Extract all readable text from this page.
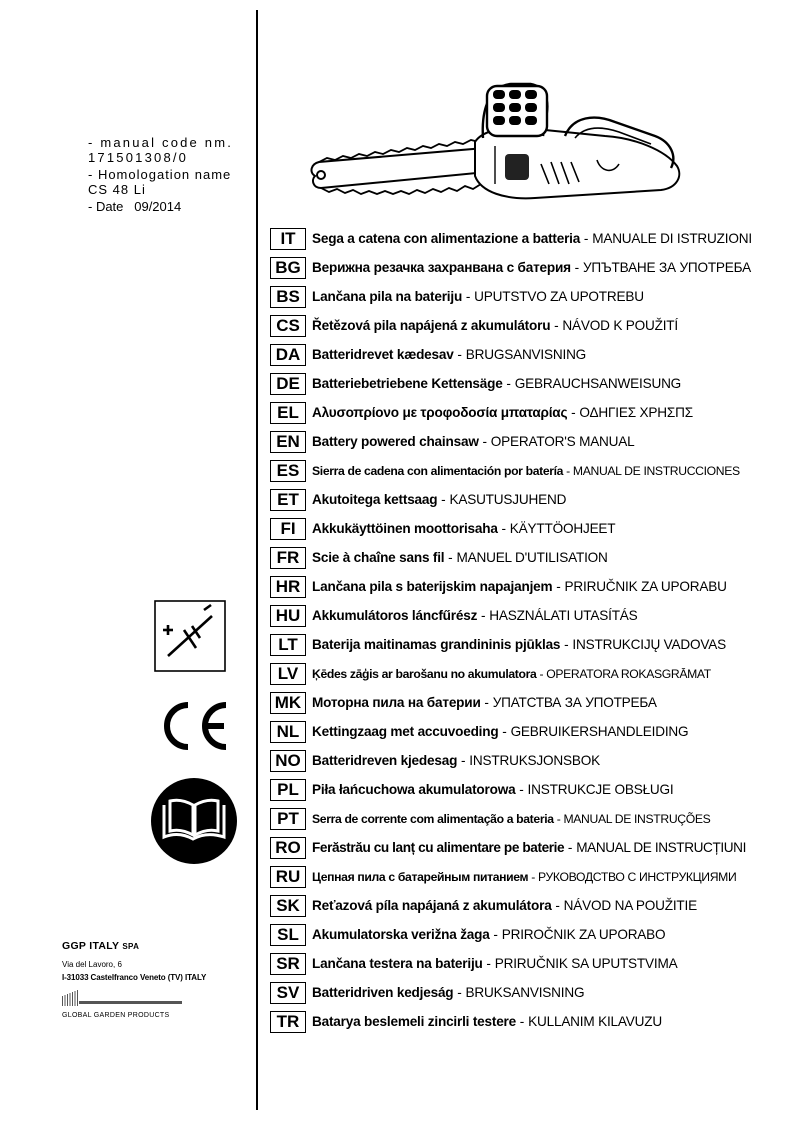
- manual code nm. 171501308/0
- Homologation name CS 48 Li
- Date   09/2014
IT	Sega a catena con alimentazione a batteria - MANUALE DI ISTRUZIONI
BG Верижна резачка захранвана с батерия - УПЪТВАНЕ ЗА УПОТРЕБА
BS Lančana pila na bateriju - UPUTSTVO ZA UPOTREBU
CS Řetězová pila napájená z akumulátoru - NÁVOD K POUŽITÍ
DA Batteridrevet kædesav - BRUGSANVISNING
DE Batteriebetriebene Kettensäge - GEBRAUCHSANWEISUNG
EL Αλυσοπρίονο με τροφοδοσία μπαταρίας - ΟΔΗΓΙΕΣ ΧΡΗΣΠΣ
EN Battery powered chainsaw - OPERATOR'S MANUAL
ES	Sierra de cadena con alimentación por batería - MANUAL DE INSTRUCCIONES
ET Akutoitega kettsaag - KASUTUSJUHEND
FI	Akkukäyttöinen moottorisaha - KÄYTTÖOHJEET
FR Scie à chaîne sans fil - MANUEL D'UTILISATION
HR Lančana pila s baterijskim napajanjem - PRIRUČNIK ZA UPORABU
HU Akkumulátoros láncfűrész - HASZNÁLATI UTASÍTÁS
LT	Baterija maitinamas grandininis pjūklas - INSTRUKCIJŲ VADOVAS
LV	Ķēdes zāģis ar barošanu no akumulatora - OPERATORA ROKASGRĀMAT
MK Моторна пила на батерии - УПАТСТВА ЗА УПОТРЕБА
NL Kettingzaag met accuvoeding - GEBRUIKERSHANDLEIDING
NO Batteridreven kjedesag - INSTRUKSJONSBOK
PL Piła łańcuchowa akumulatorowa - INSTRUKCJE OBSŁUGI
PT	Serra de corrente com alimentação a bateria - MANUAL DE INSTRUÇÕES
RO Ferăstrău cu lanț cu alimentare pe baterie - MANUAL DE INSTRUCȚIUNI
RU Цепная пила с батарейным питанием - РУКОВОДСТВО С ИНСТРУКЦИЯМИ
SK Reťazová píla napájaná z akumulátora - NÁVOD NA POUŽITIE
SL Akumulatorska verižna žaga - PRIROČNIK ZA UPORABO
SR Lančana testera na bateriju - PRIRUČNIK SA UPUTSTVIMA
SV Batteridriven kedjeság - BRUKSANVISNING
TR Batarya beslemeli zincirli testere - KULLANIM KILAVUZU
GGP ITALY SPA
Via del Lavoro, 6
I-31033 Castelfranco Veneto (TV) ITALY
GLOBAL GARDEN PRODUCTS
